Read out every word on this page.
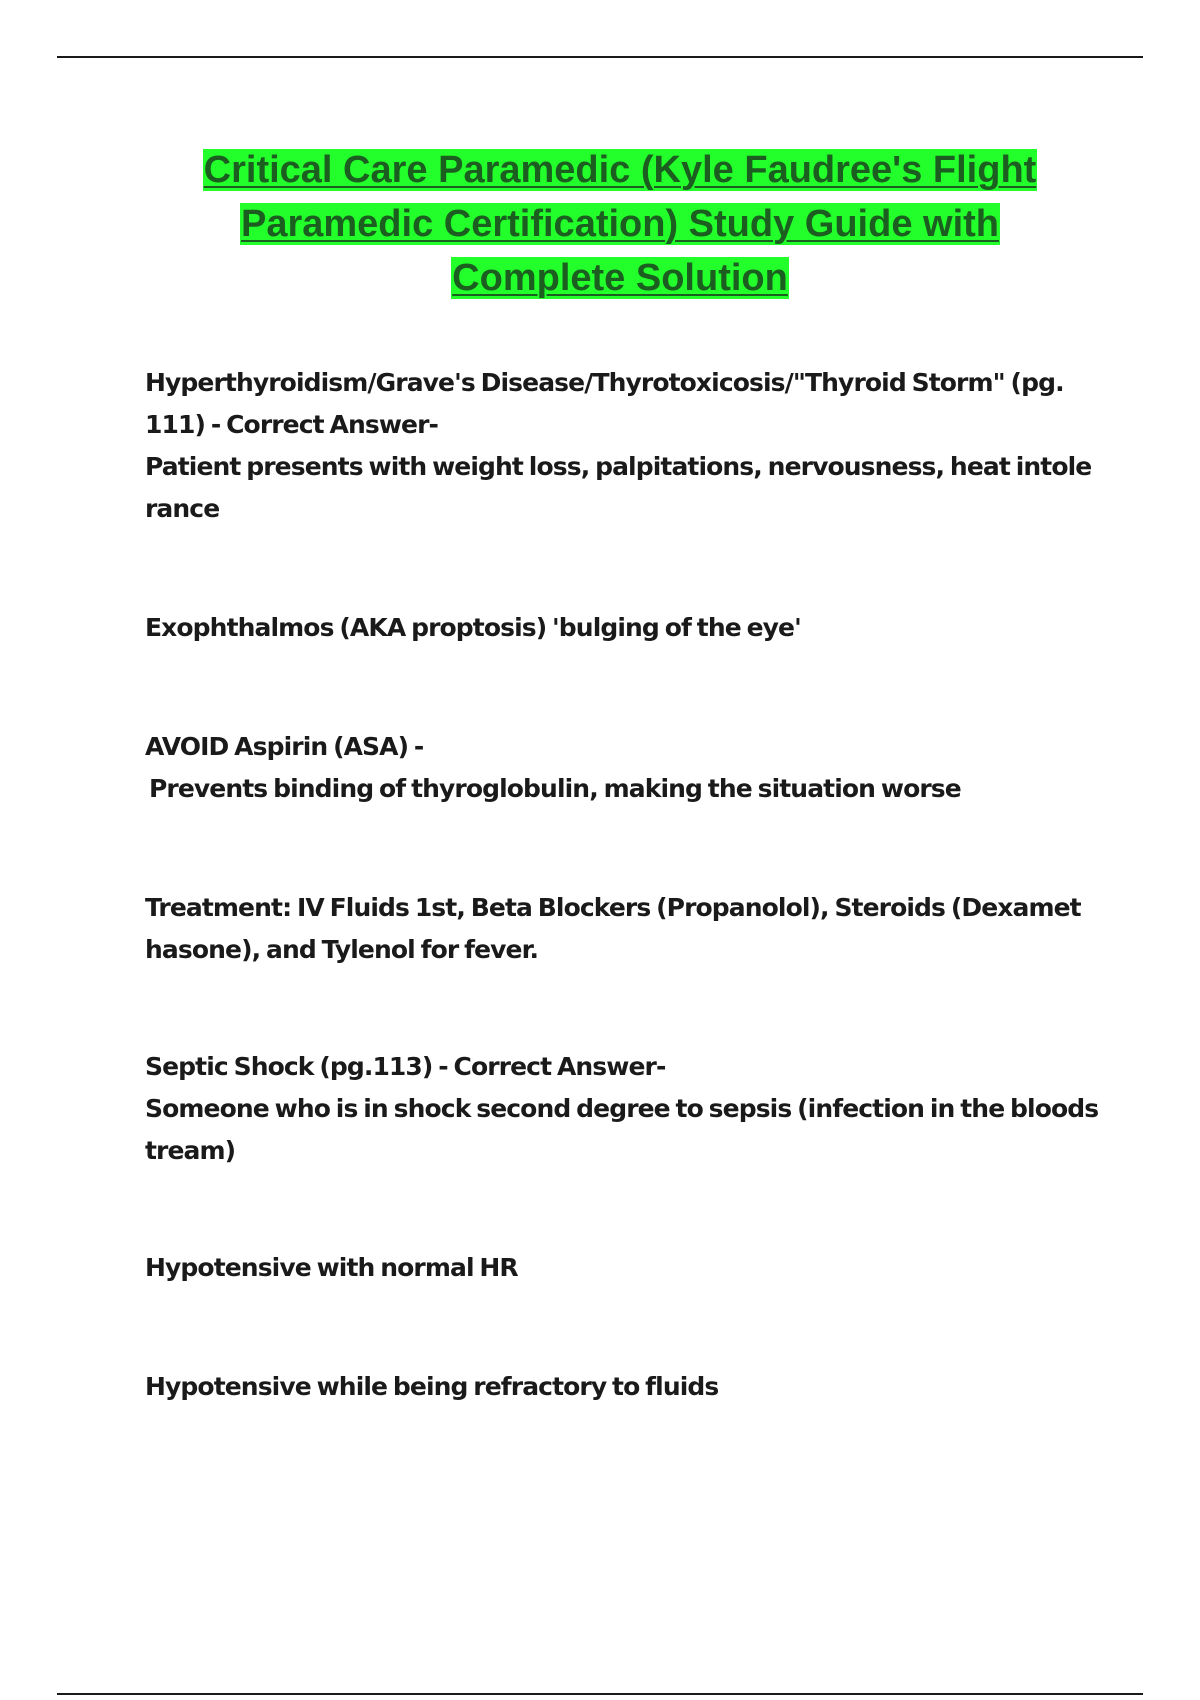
Critical Care Paramedic (Kyle Faudree's Flight
Paramedic Certification) Study Guide with
Complete Solution
Hyperthyroidism/Grave's Disease/Thyrotoxicosis/"Thyroid Storm" (pg.
111) - Correct Answer-
Patient presents with weight loss, palpitations, nervousness, heat intole
rance
Exophthalmos (AKA proptosis) 'bulging of the eye'
AVOID Aspirin (ASA) -
Prevents binding of thyroglobulin, making the situation worse
Treatment: IV Fluids 1st, Beta Blockers (Propanolol), Steroids (Dexamet
hasone), and Tylenol for fever.
Septic Shock (pg.113) - Correct Answer-
Someone who is in shock second degree to sepsis (infection in the bloods
tream)
Hypotensive with normal HR
Hypotensive while being refractory to fluids
